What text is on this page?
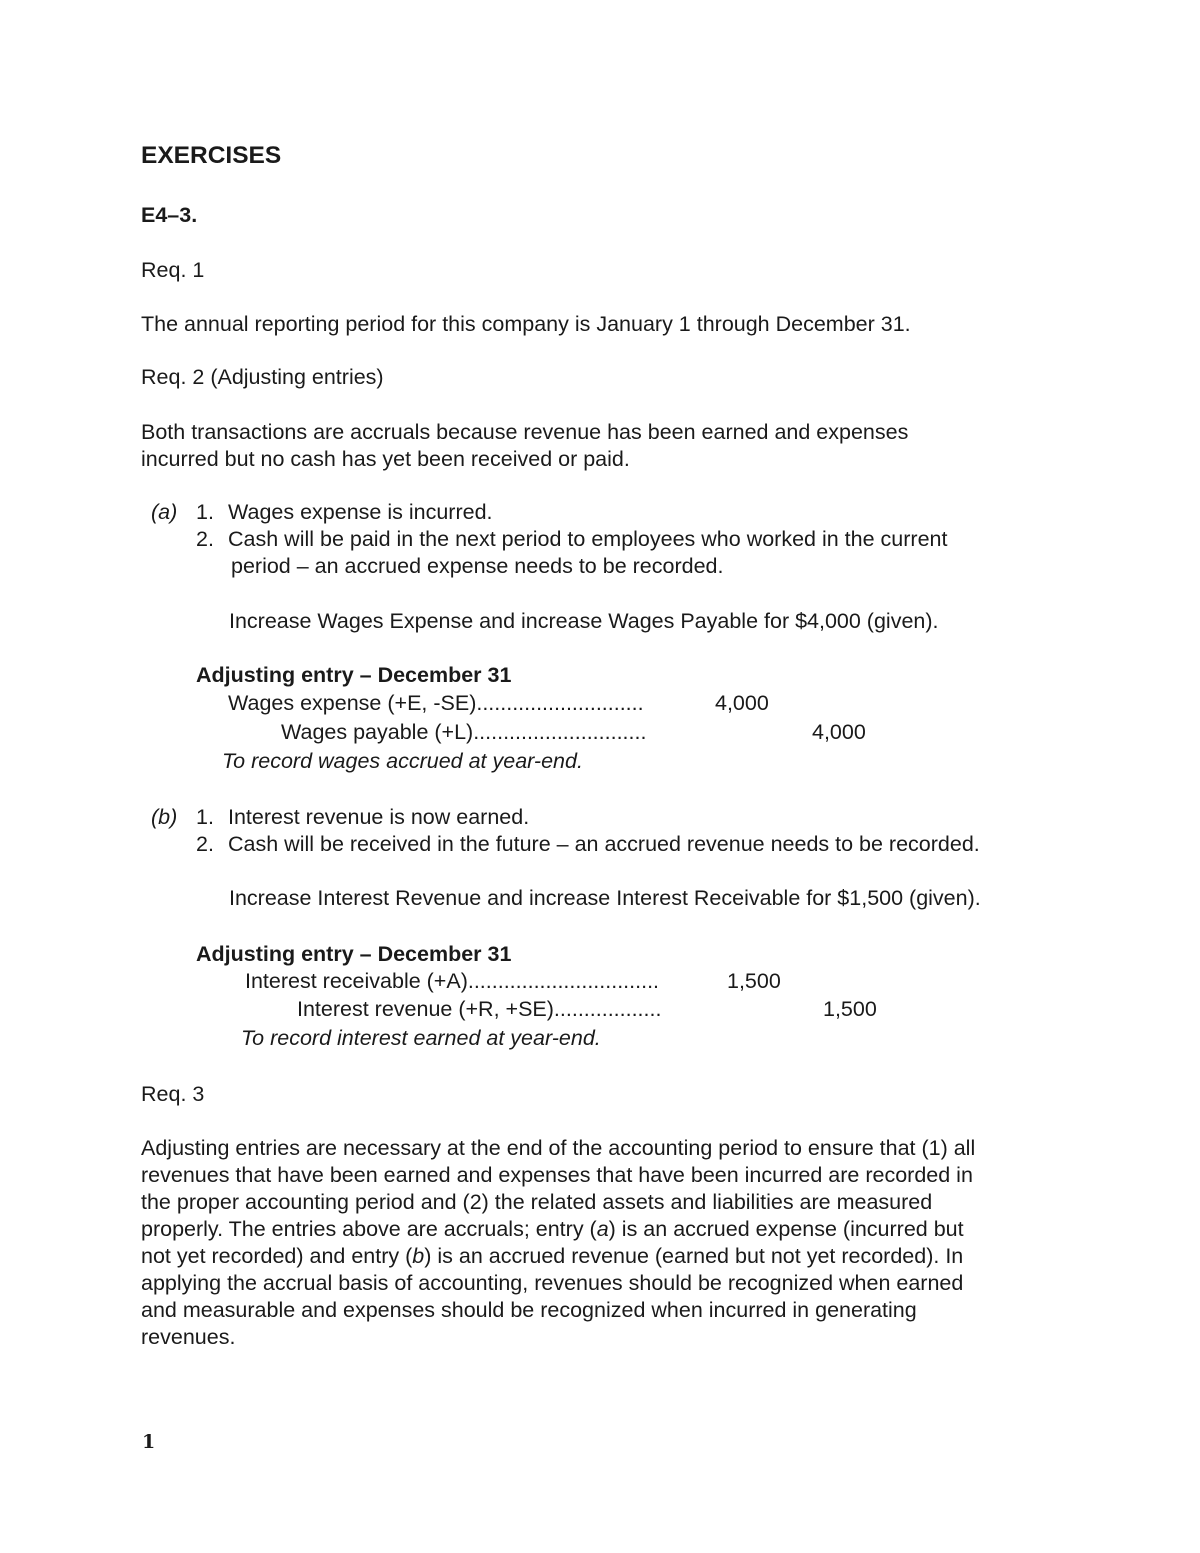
EXERCISES
E4–3.
Req. 1
The annual reporting period for this company is January 1 through December 31.
Req. 2 (Adjusting entries)
Both transactions are accruals because revenue has been earned and expenses
incurred but no cash has yet been received or paid.
(a) 1. Wages expense is incurred.
2. Cash will be paid in the next period to employees who worked in the current
period – an accrued expense needs to be recorded.
Increase Wages Expense and increase Wages Payable for $4,000 (given).
Adjusting entry – December 31
Wages expense (+E, -SE)............................	4,000
Wages payable (+L).............................	4,000
To record wages accrued at year-end.
(b) 1. Interest revenue is now earned.
2. Cash will be received in the future – an accrued revenue needs to be recorded.
Increase Interest Revenue and increase Interest Receivable for $1,500 (given).
Adjusting entry – December 31
Interest receivable (+A)................................	1,500
Interest revenue (+R, +SE)..................	1,500
To record interest earned at year-end.
Req. 3
Adjusting entries are necessary at the end of the accounting period to ensure that (1) all
revenues that have been earned and expenses that have been incurred are recorded in
the proper accounting period and (2) the related assets and liabilities are measured
properly. The entries above are accruals; entry (a) is an accrued expense (incurred but
not yet recorded) and entry (b) is an accrued revenue (earned but not yet recorded). In
applying the accrual basis of accounting, revenues should be recognized when earned
and measurable and expenses should be recognized when incurred in generating
revenues.
1
